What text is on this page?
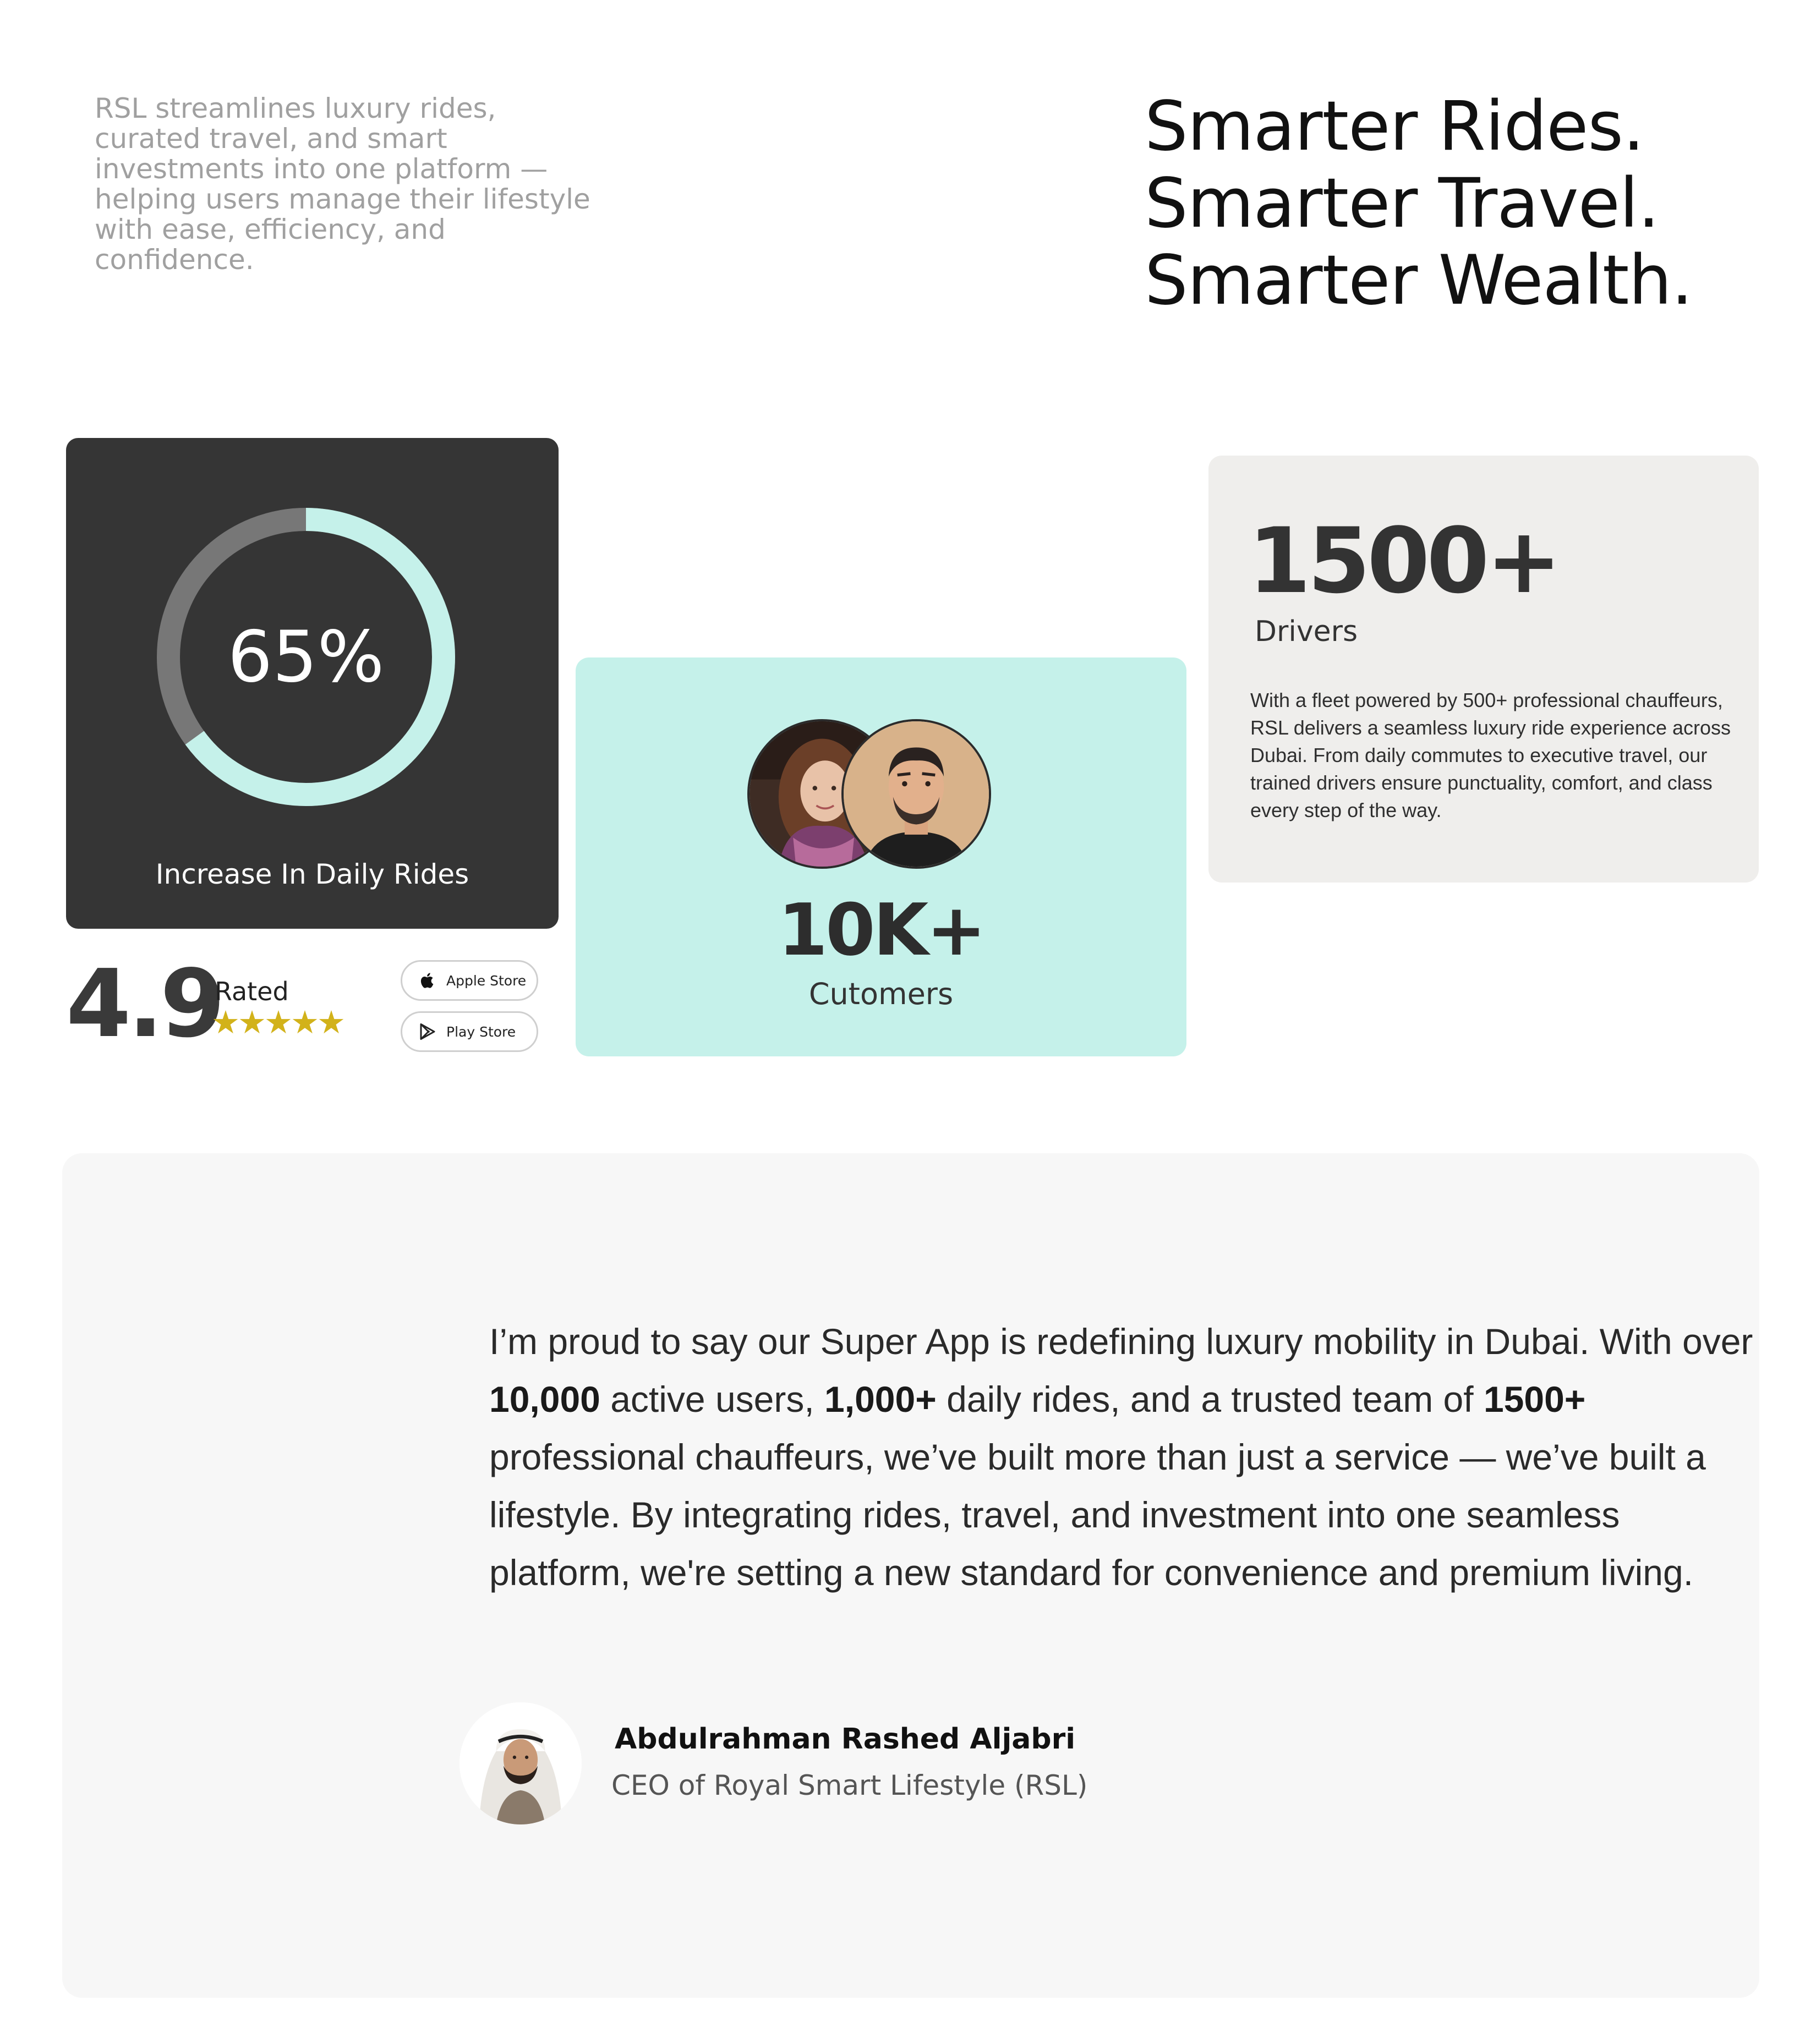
RSL streamlines luxury rides, curated travel, and smart investments into one platform — helping users manage their lifestyle with ease, efficiency, and confidence.
Smarter Rides.
Smarter Travel.
Smarter Wealth.
65%
Increase In Daily Rides
4.9
Rated
★★★★★
Apple Store
Play Store
10K+
Cutomers
1500+
Drivers
With a fleet powered by 500+ professional chauffeurs, RSL delivers a seamless luxury ride experience across Dubai. From daily commutes to executive travel, our trained drivers ensure punctuality, comfort, and class every step of the way.
I’m proud to say our Super App is redefining luxury mobility in Dubai. With over 10,000 active users, 1,000+ daily rides, and a trusted team of 1500+ professional chauffeurs, we’ve built more than just a service — we’ve built a lifestyle. By integrating rides, travel, and investment into one seamless platform, we're setting a new standard for convenience and premium living.
Abdulrahman Rashed Aljabri
CEO of Royal Smart Lifestyle (RSL)
